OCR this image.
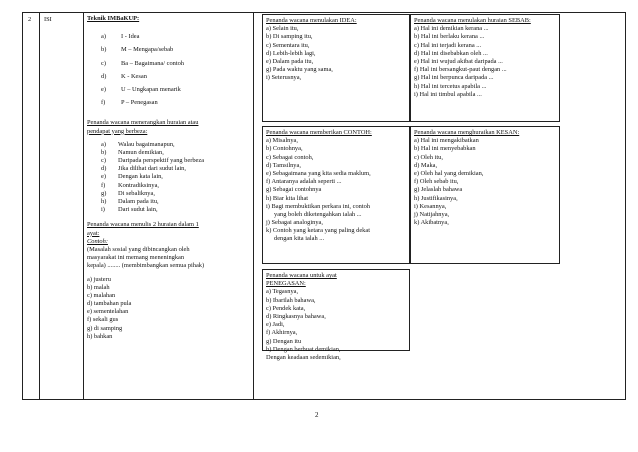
2 ISI	Teknik IMBaKUP:
a)	I - Idea
b)	M – Mengapa/sebab
c)	Ba – Bagaimana/ contoh
d)	K - Kesan
e)	U – Ungkapan menarik
f)	P – Penegasan
Penanda wacana menerangkan huraian atau
pendapat yang berbeza:
a)	Walau bagaimanapun,
b)	Namun demikian,
c)	Daripada perspektif yang berbeza
d)	Jika dilihat dari sudut lain,
e)	Dengan kata lain,
f)	Kontradiksinya,
g)	Di sebaliknya,
h)	Dalam pada itu,
i)	Dari sudut lain,
Penanda wacana menulis 2 huraian dalam 1
ayat:
Contoh:
(Masalah sosial yang dibincangkan oleh
masyarakat ini memang meneningkan
kepala) ........ (membimbangkan semua pihak)
a) justeru
b) malah
c) malahan
d) tambahan pula
e) sementelahan
f) sekali gus
g) di samping
h) bahkan
Penanda wacana menulakan IDEA:
a) Selain itu,
b) Di samping itu,
c) Sementara itu,
d) Lebih-lebih lagi,
e) Dalam pada itu,
g) Pada waktu yang sama,
i) Seterusnya,
Penanda wacana menulakan huraian SEBAB:
a) Hal ini demikian kerana ...
b) Hal ini berlaku kerana ...
c) Hal ini terjadi kerana ...
d) Hal ini disebabkan oleh ...
e) Hal ini wujud akibat daripada ...
f) Hal ini bersangkut-paut dengan ...
g) Hal ini berpunca daripada ...
h) Hal ini tercetus apabila ...
i) Hal ini timbul apabila ...
Penanda wacana memberikan CONTOH:
a) Misalnya,
b) Contohnya,
c) Sebagai contoh,
d) Tamsilnya,
e) Sebagaimana yang kita sedia maklum,
f) Antaranya adalah seperti ...
g) Sebagai contohnya
h) Biar kita lihat
i) Bagi membuktikan perkara ini, contoh
yang boleh diketengahkan ialah ...
j) Sebagai analoginya,
k) Contoh yang ketara yang paling dekat
dengan kita ialah ...
Penanda wacana menghuraikan KESAN:
a) Hal ini mengakibatkan
b) Hal ini menyebabkan
c) Oleh itu,
d) Maka,
e) Oleh hal yang demikian,
f) Oleh sebab itu,
g) Jelaslah bahawa
h) Justifikasinya,
i) Kesannya,
j) Natijahnya,
k) Akibatnya,
Penanda wacana untuk ayat
PENEGASAN:
a) Tegasnya,
b) Ibarilah bahawa,
c) Pendek kata,
d) Ringkasnya bahawa,
e) Jadi,
f) Akhirnya,
g) Dengan itu
h) Dengan berbuat demikian,
Dengan keadaan sedemikian,
2
